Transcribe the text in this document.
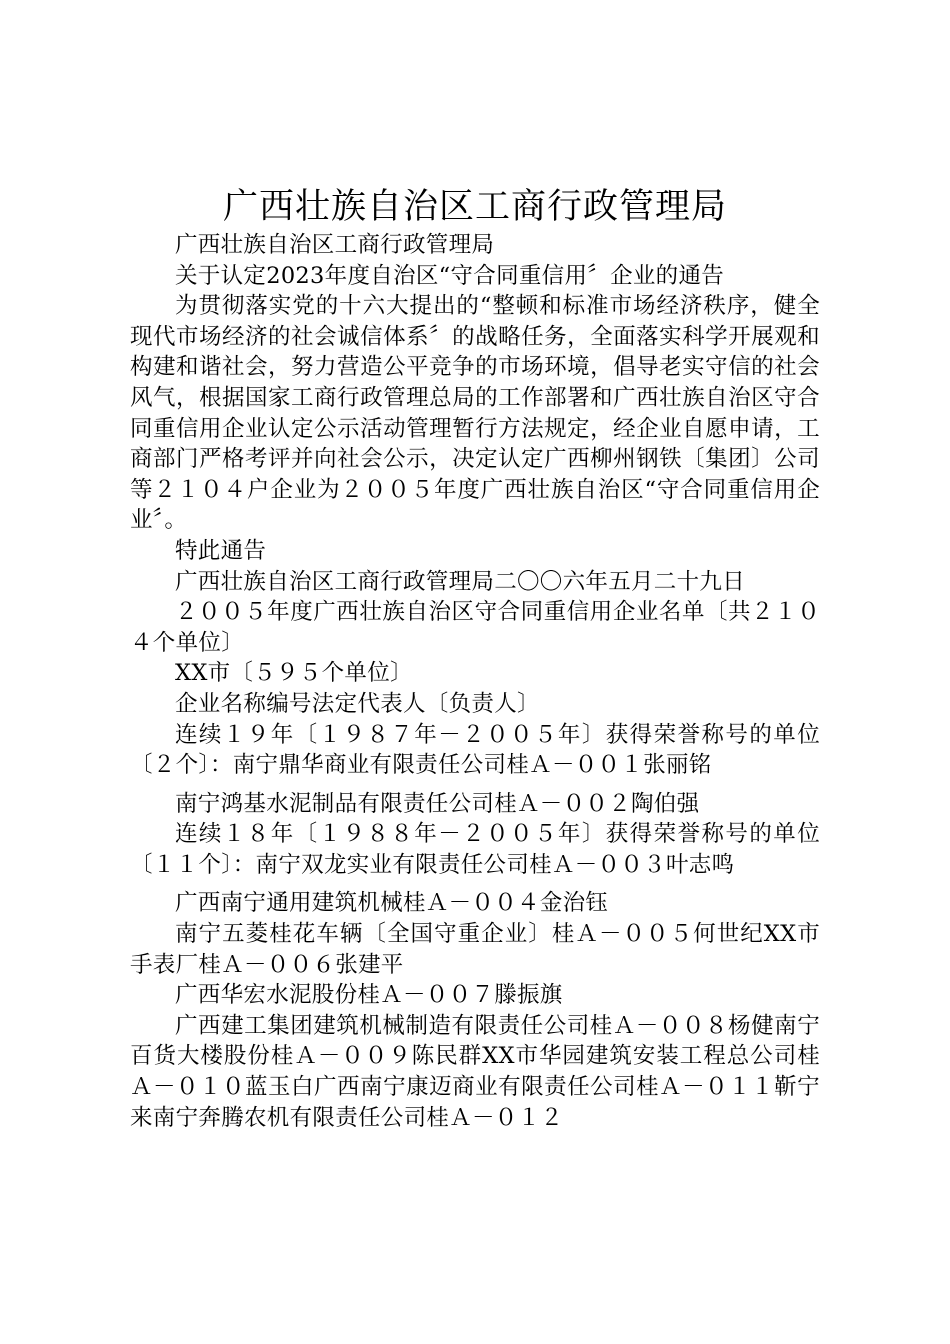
广西壮族自治区工商行政管理局

广西壮族自治区工商行政管理局

关于认定2023年度自治区“守合同重信用〞企业的通告

为贯彻落实党的十六大提出的“整顿和标准市场经济秩序，健全现代市场经济的社会诚信体系〞的战略任务，全面落实科学开展观和构建和谐社会，努力营造公平竞争的市场环境，倡导老实守信的社会风气，根据国家工商行政管理总局的工作部署和广西壮族自治区守合同重信用企业认定公示活动管理暂行方法规定，经企业自愿申请，工商部门严格考评并向社会公示，决定认定广西柳州钢铁〔集团〕公司等２１０４户企业为２００５年度广西壮族自治区“守合同重信用企业〞。

特此通告

广西壮族自治区工商行政管理局二〇〇六年五月二十九日

２００５年度广西壮族自治区守合同重信用企业名单〔共２１０４个单位〕

XX市〔５９５个单位〕

企业名称编号法定代表人〔负责人〕

连续１９年〔１９８７年－２００５年〕获得荣誉称号的单位〔２个〕：南宁鼎华商业有限责任公司桂Ａ－００１张丽铭

南宁鸿基水泥制品有限责任公司桂Ａ－００２陶伯强

连续１８年〔１９８８年－２００５年〕获得荣誉称号的单位〔１１个〕：南宁双龙实业有限责任公司桂Ａ－００３叶志鸣

广西南宁通用建筑机械桂Ａ－００４金治钰

南宁五菱桂花车辆〔全国守重企业〕桂Ａ－００５何世纪XX市手表厂桂Ａ－００６张建平

广西华宏水泥股份桂Ａ－００７滕振旗

广西建工集团建筑机械制造有限责任公司桂Ａ－００８杨健南宁百货大楼股份桂Ａ－００９陈民群XX市华园建筑安装工程总公司桂Ａ－０１０蓝玉白广西南宁康迈商业有限责任公司桂Ａ－０１１靳宁来南宁奔腾农机有限责任公司桂Ａ－０１２
